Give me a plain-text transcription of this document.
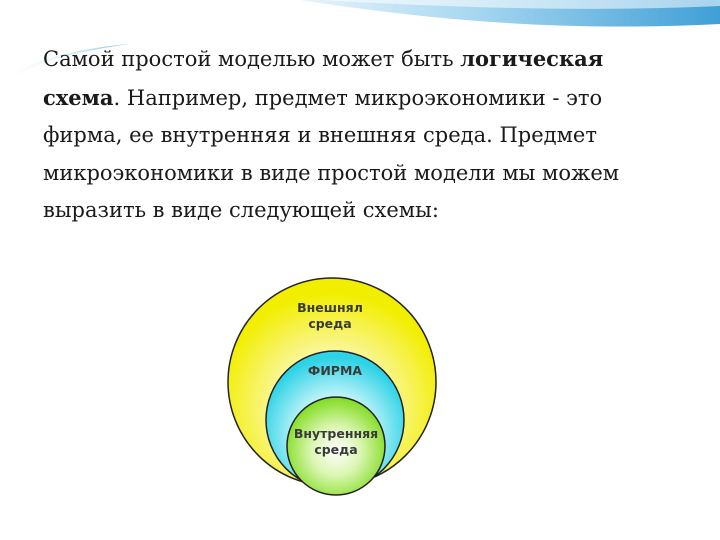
Самой простой моделью может быть логическая схема. Например, предмет микроэкономики - это фирма, ее внутренняя и внешняя среда. Предмет микроэкономики в виде простой модели мы можем выразить в виде следующей схемы:
Внешнял
среда
ФИРМА
Внутренняя
среда
